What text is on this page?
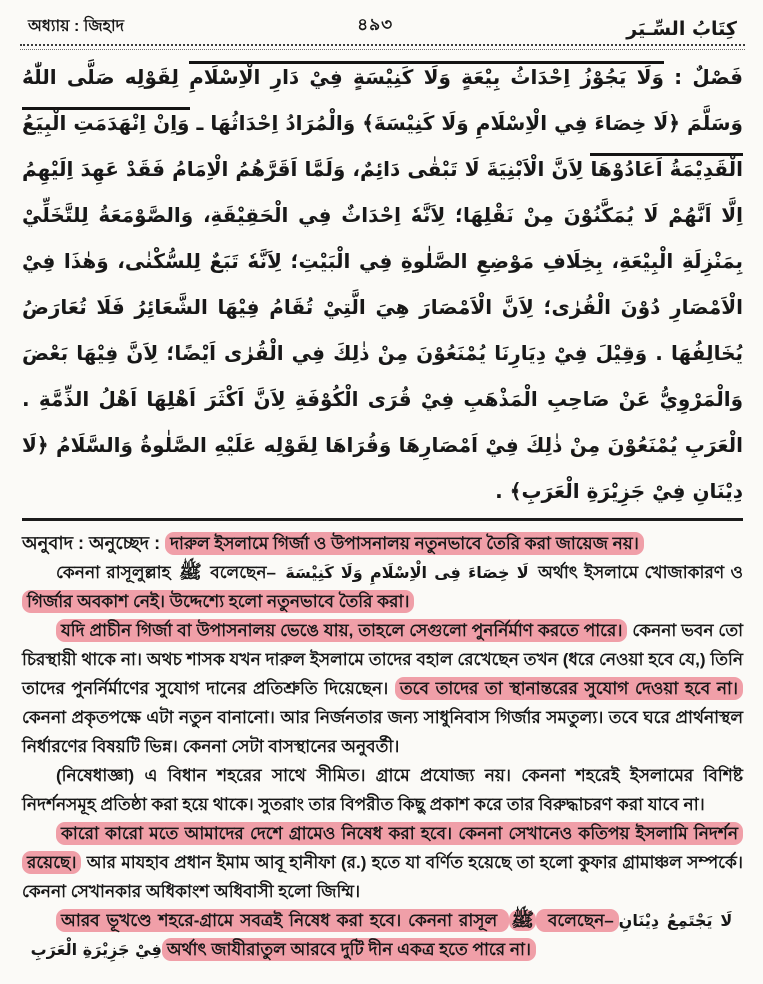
অধ্যায় : জিহাদ	৪৯৩	كِتَابُ السِّـيَر
فَصْلٌ : وَلَا يَجُوْزُ اِحْدَاثُ بِيْعَةٍ وَلَا كَنِيْسَةٍ فِيْ دَارِ الْاِسْلَامِ لِقَوْلِه صَلَّى اللّٰهُ
وَسَلَّمَ ﴿لَا خِصَاءَ فِي الْاِسْلَامِ وَلَا كَنِيْسَةَ﴾ وَالْمُرَادُ اِحْدَاثُهَا ـ وَاِنْ اِنْهَدَمَتِ الْبِيَعُ
الْقَدِيْمَةُ اَعَادُوْهَا لِاَنَّ الْاَبْنِيَةَ لَا تَبْقٰى دَائِمٌ، وَلَمَّا اَقَرَّهُمُ الْاِمَامُ فَقَدْ عَهِدَ اِلَيْهِمُ
اِلَّا اَنَّهُمْ لَا يُمَكَّنُوْنَ مِنْ نَقْلِهَا؛ لِاَنَّهٗ اِحْدَاثٌ فِي الْحَقِيْقَةِ، وَالصَّوْمَعَةُ لِلتَّخَلِّيْ
بِمَنْزِلَةِ الْبِيْعَةِ، بِخِلَافِ مَوْضِعِ الصَّلٰوةِ فِي الْبَيْتِ؛ لِاَنَّهٗ تَبَعٌ لِلسُّكْنٰى، وَهٰذَا فِيْ
الْاَمْصَارِ دُوْنَ الْقُرٰى؛ لِاَنَّ الْاَمْصَارَ هِيَ الَّتِيْ تُقَامُ فِيْهَا الشَّعَائِرُ فَلَا تُعَارَضُ
يُخَالِفُهَا . وَقِيْلَ فِيْ دِيَارِنَا يُمْنَعُوْنَ مِنْ ذٰلِكَ فِي الْقُرٰى اَيْضًا؛ لِاَنَّ فِيْهَا بَعْضَ
وَالْمَرْوِيُّ عَنْ صَاحِبِ الْمَذْهَبِ فِيْ قُرَى الْكُوْفَةِ لِاَنَّ اَكْثَرَ اَهْلِهَا اَهْلُ الذِّمَّةِ .
الْعَرَبِ يُمْنَعُوْنَ مِنْ ذٰلِكَ فِيْ اَمْصَارِهَا وَقُرَاهَا لِقَوْلِه عَلَيْهِ الصَّلٰوةُ وَالسَّلَامُ ﴿لَا
دِيْنَانِ فِيْ جَزِيْرَةِ الْعَرَبِ﴾ .

অনুবাদ : অনুচ্ছেদ : দারুল ইসলামে গির্জা ও উপাসনালয় নতুনভাবে তৈরি করা জায়েজ নয়।

কেননা রাসূলুল্লাহ ﷺ বলেছেন– لَا خِصَاءَ فِى الْاِسْلَامِ وَلَا كَنِيْسَةَ অর্থাৎ ইসলামে খোজাকারণ ও গির্জার অবকাশ নেই। উদ্দেশ্যে হলো নতুনভাবে তৈরি করা।

যদি প্রাচীন গির্জা বা উপাসনালয় ভেঙে যায়, তাহলে সেগুলো পুনর্নির্মাণ করতে পারে। কেননা ভবন তো চিরস্থায়ী থাকে না। অথচ শাসক যখন দারুল ইসলামে তাদের বহাল রেখেছেন তখন (ধরে নেওয়া হবে যে,) তিনি তাদের পুনর্নির্মাণের সুযোগ দানের প্রতিশ্রুতি দিয়েছেন। তবে তাদের তা স্থানান্তরের সুযোগ দেওয়া হবে না। কেননা প্রকৃতপক্ষে এটা নতুন বানানো। আর নির্জনতার জন্য সাধুনিবাস গির্জার সমতুল্য। তবে ঘরে প্রার্থনাস্থল নির্ধারণের বিষয়টি ভিন্ন। কেননা সেটা বাসস্থানের অনুবর্তী।

(নিষেধাজ্ঞা) এ বিধান শহরের সাথে সীমিত। গ্রামে প্রযোজ্য নয়। কেননা শহরেই ইসলামের বিশিষ্ট নিদর্শনসমূহ প্রতিষ্ঠা করা হয়ে থাকে। সুতরাং তার বিপরীত কিছু প্রকাশ করে তার বিরুদ্ধাচরণ করা যাবে না।

কারো কারো মতে আমাদের দেশে গ্রামেও নিষেধ করা হবে। কেননা সেখানেও কতিপয় ইসলামি নিদর্শন রয়েছে। আর মাযহাব প্রধান ইমাম আবূ হানীফা (র.) হতে যা বর্ণিত হয়েছে তা হলো কুফার গ্রামাঞ্চল সম্পর্কে। কেননা সেখানকার অধিকাংশ অধিবাসী হলো জিম্মি।

আরব ভূখণ্ডে শহরে-গ্রামে সবত্রই নিষেধ করা হবে। কেননা রাসূল ﷺ বলেছেন– لَا يَجْتَمِعُ دِيْنَانِ فِيْ جَزِيْرَةِ الْعَرَبِ অর্থাৎ জাযীরাতুল আরবে দুটি দীন একত্র হতে পারে না।
